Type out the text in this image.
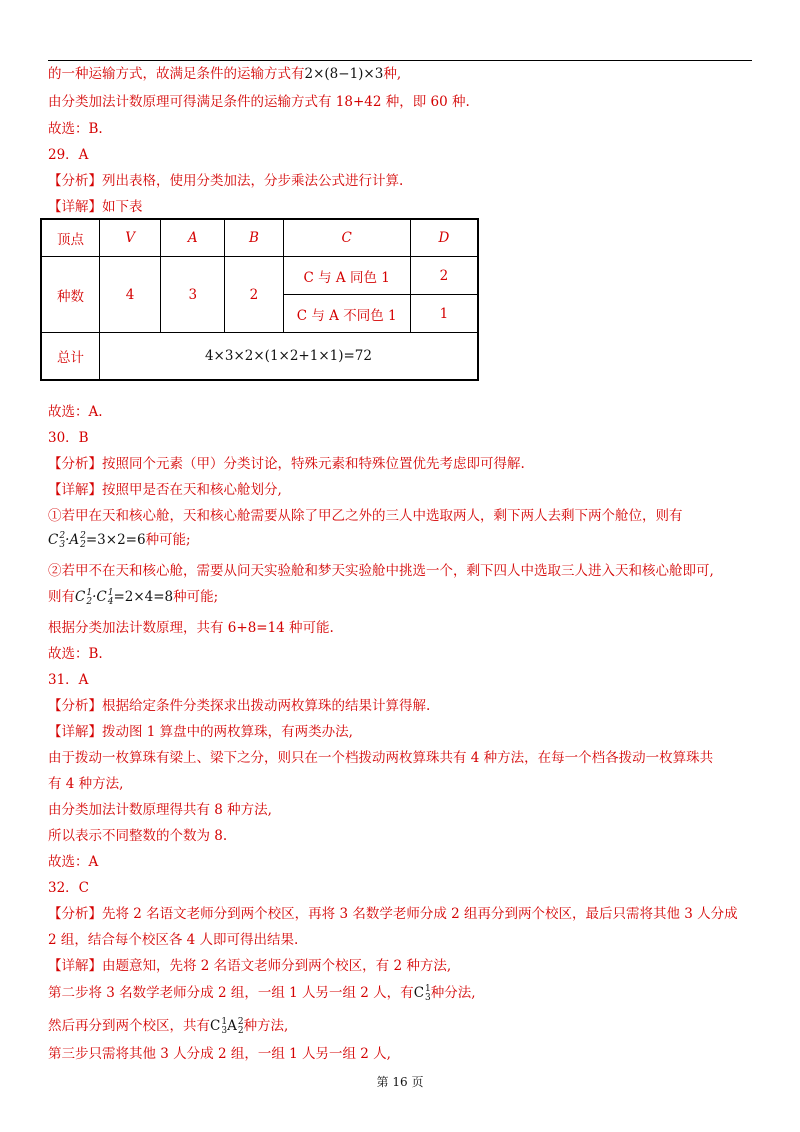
的一种运输方式，故满足条件的运输方式有2×(8−1)×3种,
由分类加法计数原理可得满足条件的运输方式有 18+42 种，即 60 种.
故选：B.
29．A
【分析】列出表格，使用分类加法，分步乘法公式进行计算.
【详解】如下表
顶点	V	A	B	C	D
种数	4	3	2	C 与 A 同色 1	2
				C 与 A 不同色 1	1
总计	4×3×2×(1×2+1×1)=72				
故选：A.
30．B
【分析】按照同个元素（甲）分类讨论，特殊元素和特殊位置优先考虑即可得解.
【详解】按照甲是否在天和核心舱划分,
①若甲在天和核心舱，天和核心舱需要从除了甲乙之外的三人中选取两人，剩下两人去剩下两个舱位，则有
C 2
3 ·A 2
2 =3×2=6种可能;
②若甲不在天和核心舱，需要从问天实验舱和梦天实验舱中挑选一个，剩下四人中选取三人进入天和核心舱即可,
则有C 1
2 ·C 1
4 =2×4=8种可能;
根据分类加法计数原理，共有 6+8=14 种可能.
故选：B.
31．A
【分析】根据给定条件分类探求出拨动两枚算珠的结果计算得解.
【详解】拨动图 1 算盘中的两枚算珠，有两类办法,
由于拨动一枚算珠有梁上、梁下之分，则只在一个档拨动两枚算珠共有 4 种方法，在每一个档各拨动一枚算珠共
有 4 种方法,
由分类加法计数原理得共有 8 种方法,
所以表示不同整数的个数为 8.
故选：A
32．C
【分析】先将 2 名语文老师分到两个校区，再将 3 名数学老师分成 2 组再分到两个校区，最后只需将其他 3 人分成
2 组，结合每个校区各 4 人即可得出结果.
【详解】由题意知，先将 2 名语文老师分到两个校区，有 2 种方法,
第二步将 3 名数学老师分成 2 组，一组 1 人另一组 2 人，有C 1
3 种分法,
然后再分到两个校区，共有C 1
3 A 2
2 种方法,
第三步只需将其他 3 人分成 2 组，一组 1 人另一组 2 人,
第 16 页
